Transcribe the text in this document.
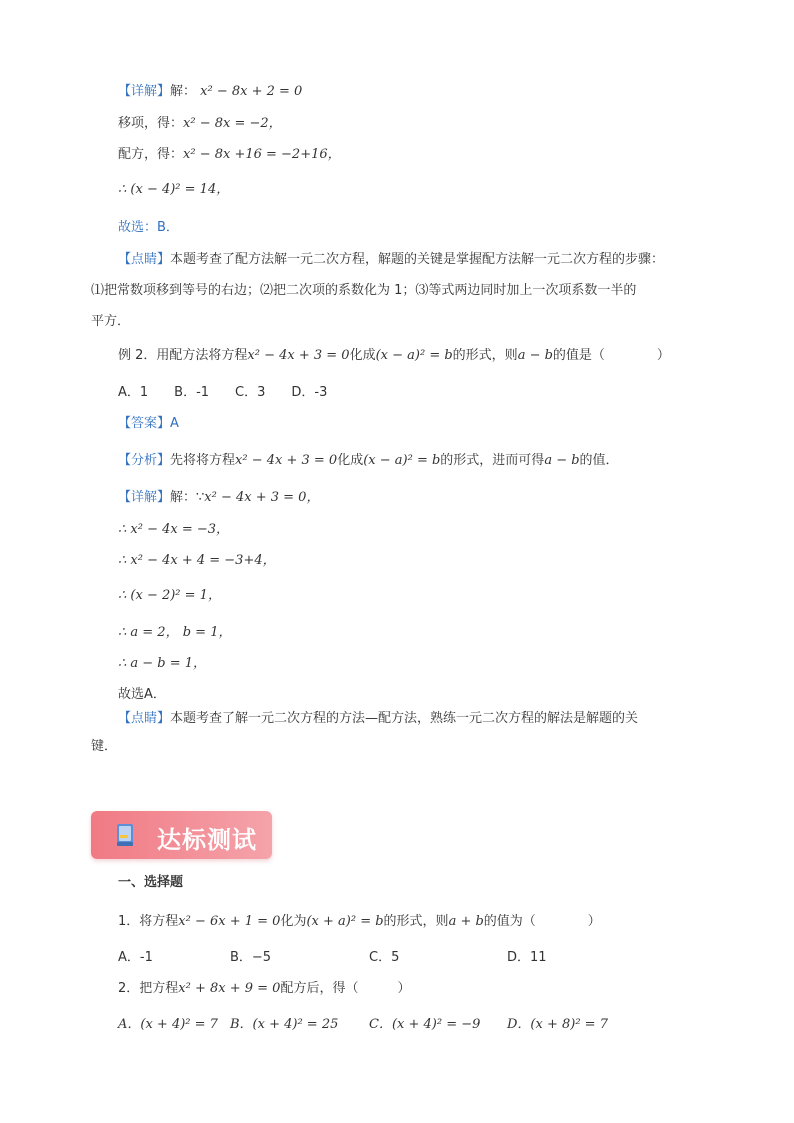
【详解】解： x² − 8x + 2 = 0
移项，得：x² − 8x = −2，
配方，得：x² − 8x +16 = −2+16，
∴ (x − 4)² = 14，
故选：B．
【点睛】本题考查了配方法解一元二次方程，解题的关键是掌握配方法解一元二次方程的步骤：
⑴把常数项移到等号的右边；⑵把二次项的系数化为 1；⑶等式两边同时加上一次项系数一半的
平方．
例 2．用配方法将方程x² − 4x + 3 = 0化成(x − a)² = b的形式，则a − b的值是（　　　　）
A．1　　B．-1　　C．3　　D．-3
【答案】A
【分析】先将将方程x² − 4x + 3 = 0化成(x − a)² = b的形式，进而可得a − b的值．
【详解】解：∵x² − 4x + 3 = 0，
∴ x² − 4x = −3，
∴ x² − 4x + 4 = −3+4，
∴ (x − 2)² = 1，
∴ a = 2， b = 1，
∴ a − b = 1，
故选A．
【点睛】本题考查了解一元二次方程的方法—配方法，熟练一元二次方程的解法是解题的关
键．
达标测试
一、选择题
1．将方程x² − 6x + 1 = 0化为(x + a)² = b的形式，则a + b的值为（　　　　）
A．-1	B．−5	C．5	D．11
2．把方程x² + 8x + 9 = 0配方后，得（　　　）
A．(x + 4)² = 7 B．(x + 4)² = 25 C．(x + 4)² = −9 D．(x + 8)² = 7
